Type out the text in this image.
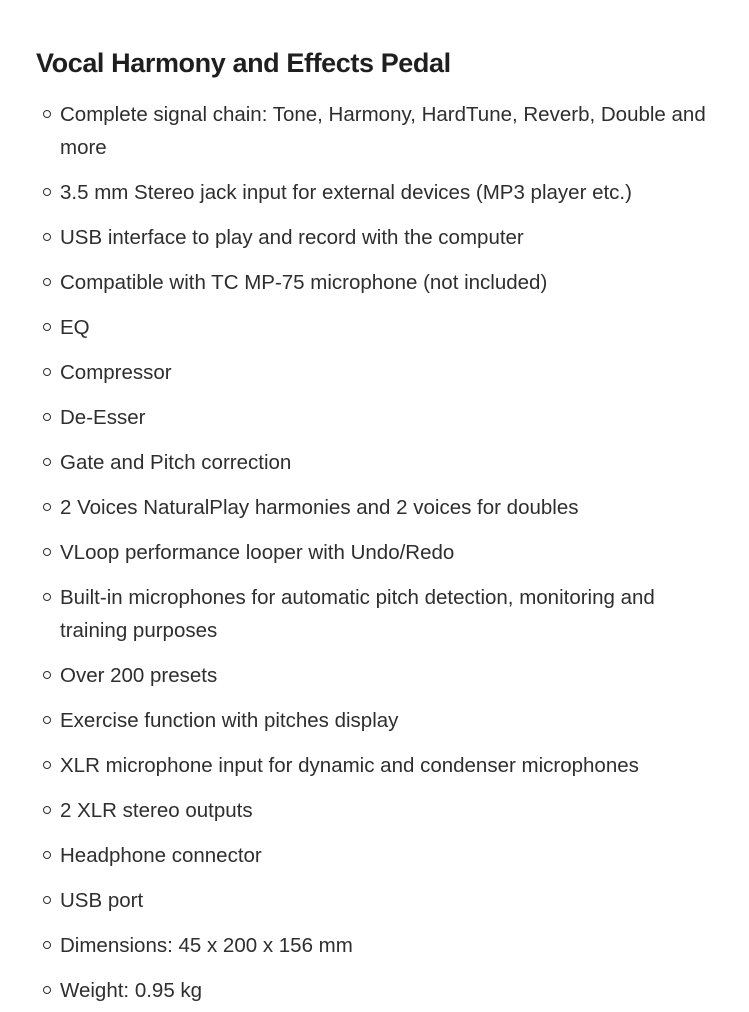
Vocal Harmony and Effects Pedal
Complete signal chain: Tone, Harmony, HardTune, Reverb, Double and more
3.5 mm Stereo jack input for external devices (MP3 player etc.)
USB interface to play and record with the computer
Compatible with TC MP-75 microphone (not included)
EQ
Compressor
De-Esser
Gate and Pitch correction
2 Voices NaturalPlay harmonies and 2 voices for doubles
VLoop performance looper with Undo/Redo
Built-in microphones for automatic pitch detection, monitoring and training purposes
Over 200 presets
Exercise function with pitches display
XLR microphone input for dynamic and condenser microphones
2 XLR stereo outputs
Headphone connector
USB port
Dimensions: 45 x 200 x 156 mm
Weight: 0.95 kg
